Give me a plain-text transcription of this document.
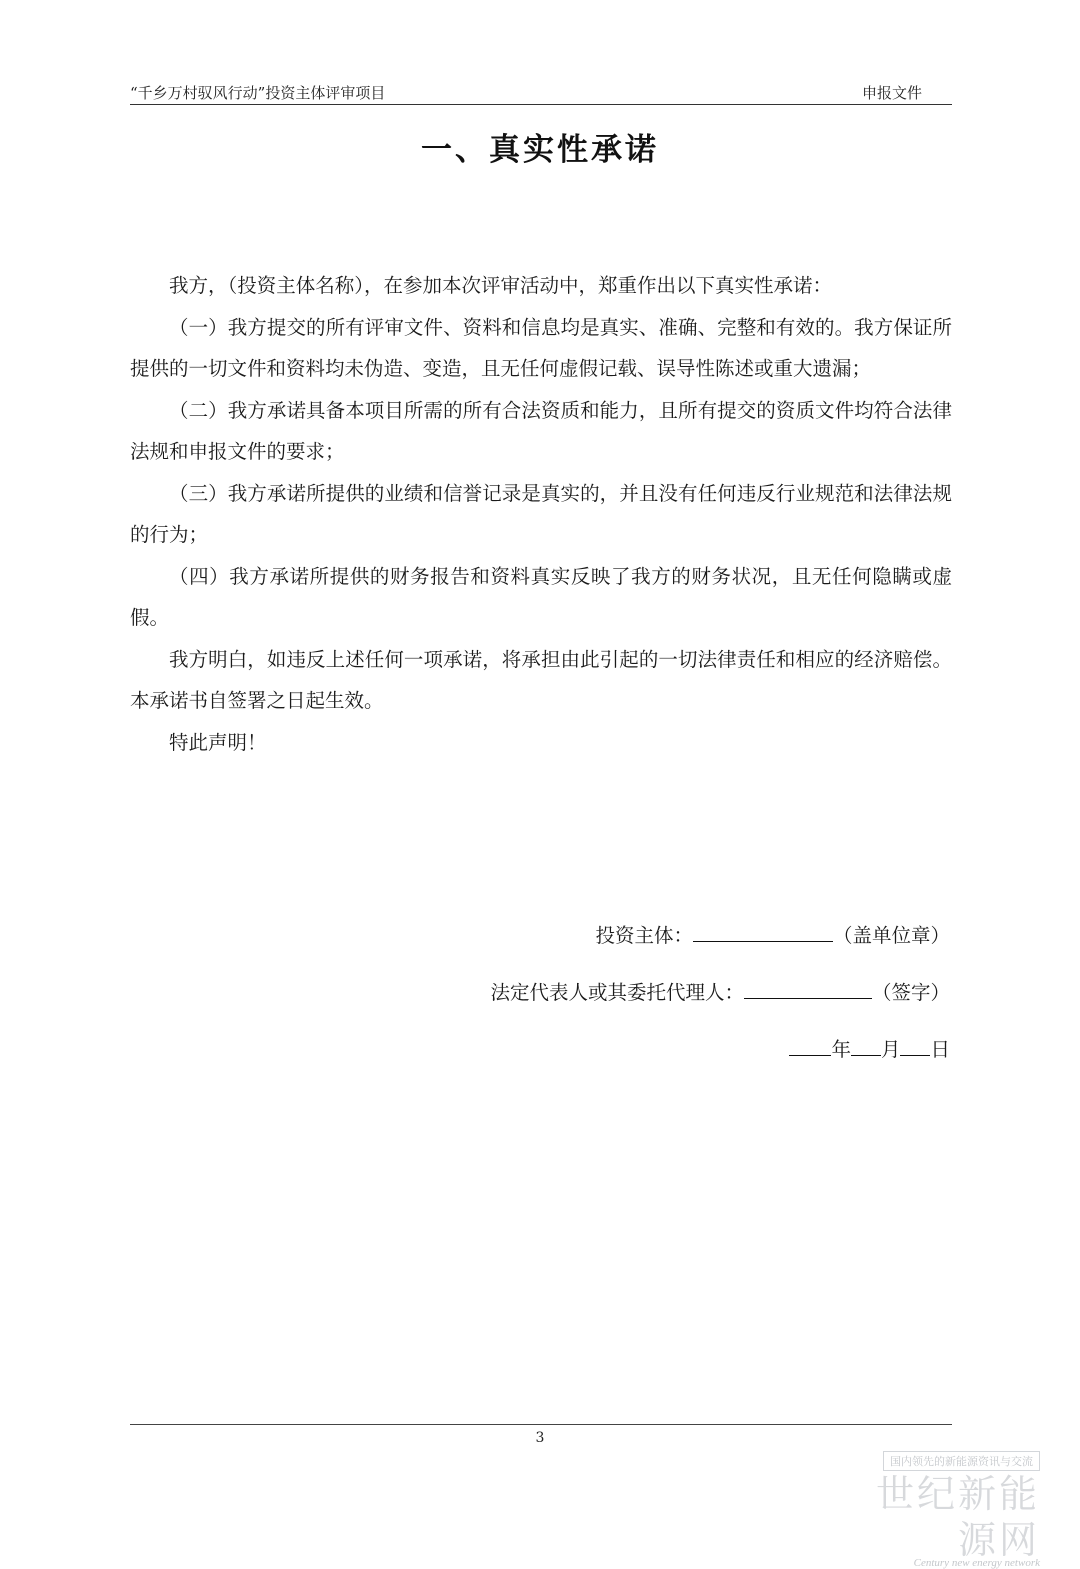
“千乡万村驭风行动”投资主体评审项目	申报文件
一、真实性承诺

我方，（投资主体名称），在参加本次评审活动中，郑重作出以下真实性承诺：

（一）我方提交的所有评审文件、资料和信息均是真实、准确、完整和有效的。我方保证所提供的一切文件和资料均未伪造、变造，且无任何虚假记载、误导性陈述或重大遗漏；

（二）我方承诺具备本项目所需的所有合法资质和能力，且所有提交的资质文件均符合法律法规和申报文件的要求；

（三）我方承诺所提供的业绩和信誉记录是真实的，并且没有任何违反行业规范和法律法规的行为；

（四）我方承诺所提供的财务报告和资料真实反映了我方的财务状况，且无任何隐瞒或虚假。

我方明白，如违反上述任何一项承诺，将承担由此引起的一切法律责任和相应的经济赔偿。本承诺书自签署之日起生效。

特此声明！

投资主体：	（盖单位章）
法定代表人或其委托代理人：	（签字）
年 月 日
3
国内领先的新能源资讯与交流
世纪新能源网
Century new energy network
